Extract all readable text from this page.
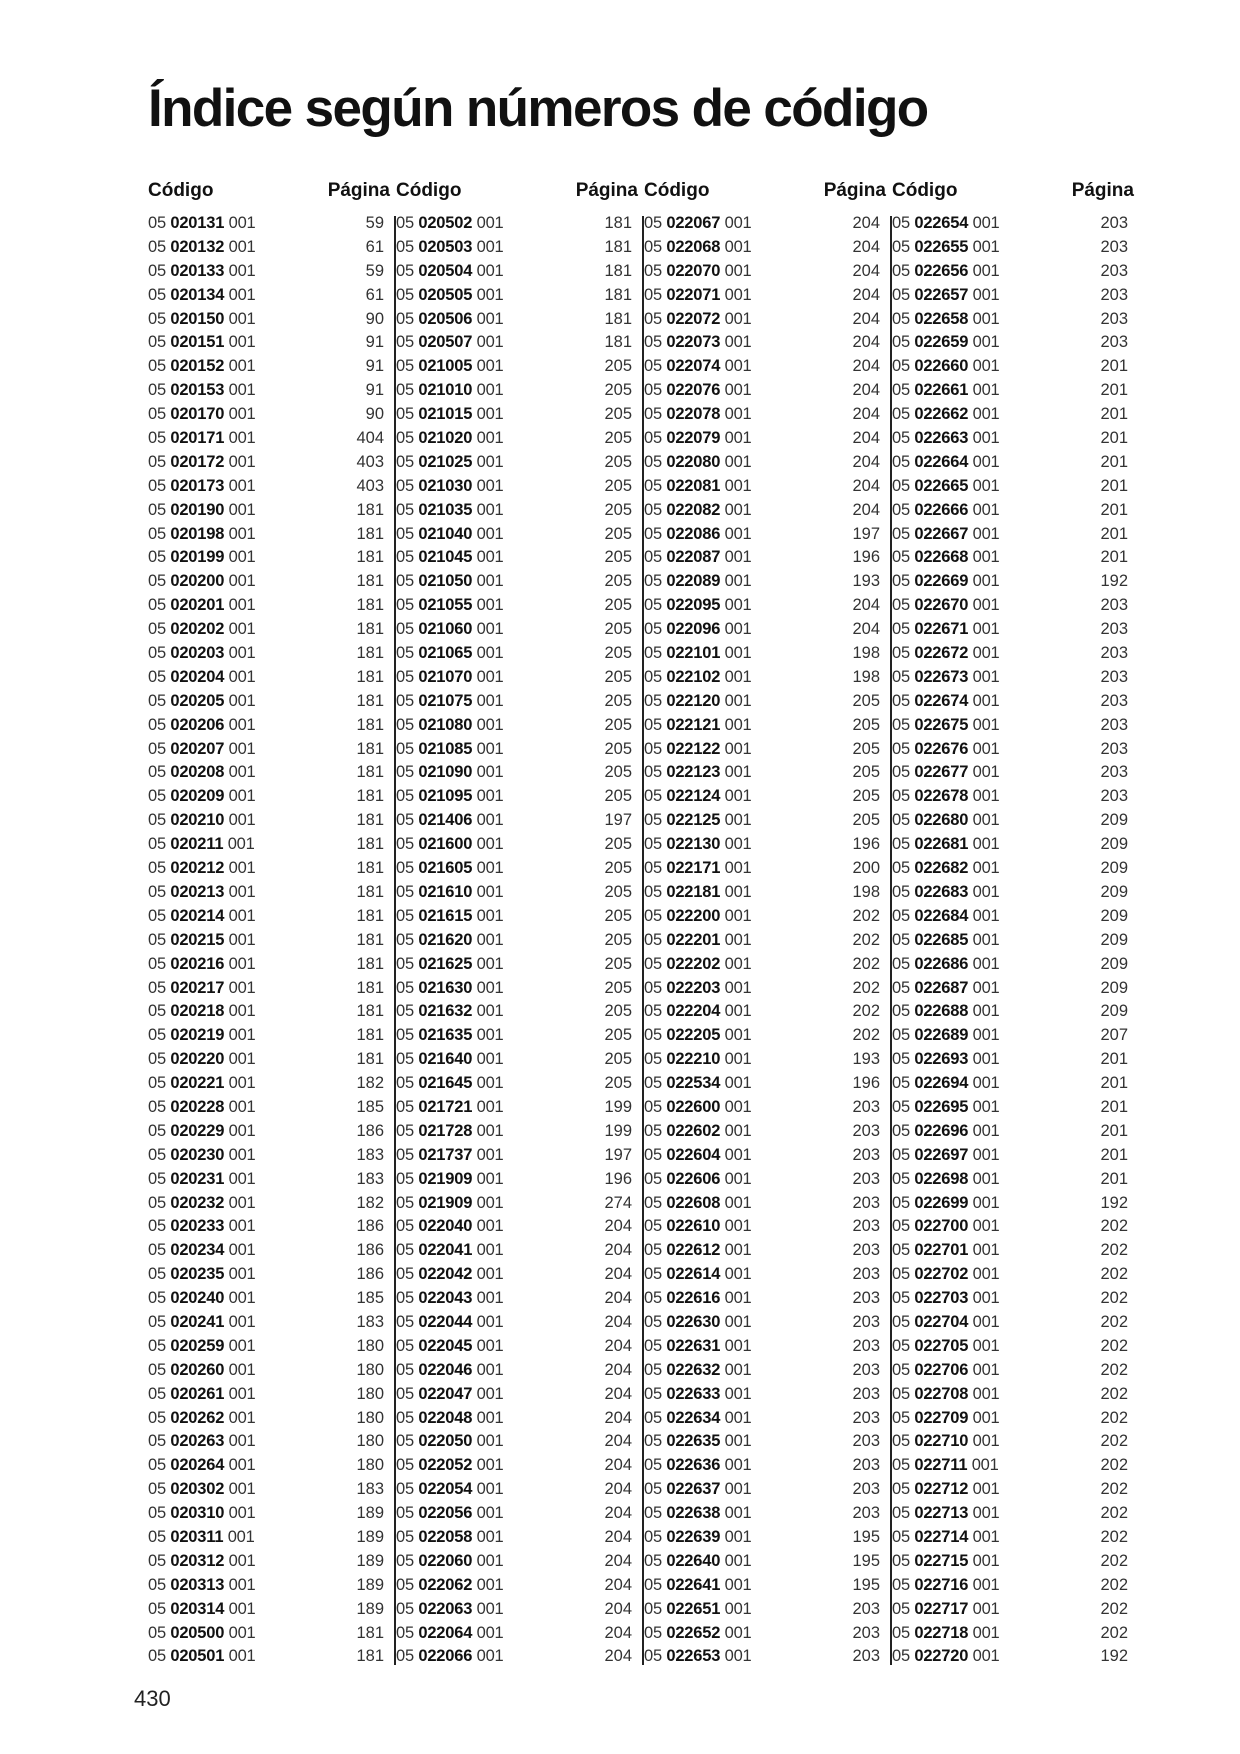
Índice según números de código
Código	Página
05 020131 001	59
05 020132 001	61
05 020133 001	59
05 020134 001	61
05 020150 001	90
05 020151 001	91
05 020152 001	91
05 020153 001	91
05 020170 001	90
05 020171 001	404
05 020172 001	403
05 020173 001	403
05 020190 001	181
05 020198 001	181
05 020199 001	181
05 020200 001	181
05 020201 001	181
05 020202 001	181
05 020203 001	181
05 020204 001	181
05 020205 001	181
05 020206 001	181
05 020207 001	181
05 020208 001	181
05 020209 001	181
05 020210 001	181
05 020211 001	181
05 020212 001	181
05 020213 001	181
05 020214 001	181
05 020215 001	181
05 020216 001	181
05 020217 001	181
05 020218 001	181
05 020219 001	181
05 020220 001	181
05 020221 001	182
05 020228 001	185
05 020229 001	186
05 020230 001	183
05 020231 001	183
05 020232 001	182
05 020233 001	186
05 020234 001	186
05 020235 001	186
05 020240 001	185
05 020241 001	183
05 020259 001	180
05 020260 001	180
05 020261 001	180
05 020262 001	180
05 020263 001	180
05 020264 001	180
05 020302 001	183
05 020310 001	189
05 020311 001	189
05 020312 001	189
05 020313 001	189
05 020314 001	189
05 020500 001	181
05 020501 001	181
Código	Página
05 020502 001	181
05 020503 001	181
05 020504 001	181
05 020505 001	181
05 020506 001	181
05 020507 001	181
05 021005 001	205
05 021010 001	205
05 021015 001	205
05 021020 001	205
05 021025 001	205
05 021030 001	205
05 021035 001	205
05 021040 001	205
05 021045 001	205
05 021050 001	205
05 021055 001	205
05 021060 001	205
05 021065 001	205
05 021070 001	205
05 021075 001	205
05 021080 001	205
05 021085 001	205
05 021090 001	205
05 021095 001	205
05 021406 001	197
05 021600 001	205
05 021605 001	205
05 021610 001	205
05 021615 001	205
05 021620 001	205
05 021625 001	205
05 021630 001	205
05 021632 001	205
05 021635 001	205
05 021640 001	205
05 021645 001	205
05 021721 001	199
05 021728 001	199
05 021737 001	197
05 021909 001	196
05 021909 001	274
05 022040 001	204
05 022041 001	204
05 022042 001	204
05 022043 001	204
05 022044 001	204
05 022045 001	204
05 022046 001	204
05 022047 001	204
05 022048 001	204
05 022050 001	204
05 022052 001	204
05 022054 001	204
05 022056 001	204
05 022058 001	204
05 022060 001	204
05 022062 001	204
05 022063 001	204
05 022064 001	204
05 022066 001	204
Código	Página
05 022067 001	204
05 022068 001	204
05 022070 001	204
05 022071 001	204
05 022072 001	204
05 022073 001	204
05 022074 001	204
05 022076 001	204
05 022078 001	204
05 022079 001	204
05 022080 001	204
05 022081 001	204
05 022082 001	204
05 022086 001	197
05 022087 001	196
05 022089 001	193
05 022095 001	204
05 022096 001	204
05 022101 001	198
05 022102 001	198
05 022120 001	205
05 022121 001	205
05 022122 001	205
05 022123 001	205
05 022124 001	205
05 022125 001	205
05 022130 001	196
05 022171 001	200
05 022181 001	198
05 022200 001	202
05 022201 001	202
05 022202 001	202
05 022203 001	202
05 022204 001	202
05 022205 001	202
05 022210 001	193
05 022534 001	196
05 022600 001	203
05 022602 001	203
05 022604 001	203
05 022606 001	203
05 022608 001	203
05 022610 001	203
05 022612 001	203
05 022614 001	203
05 022616 001	203
05 022630 001	203
05 022631 001	203
05 022632 001	203
05 022633 001	203
05 022634 001	203
05 022635 001	203
05 022636 001	203
05 022637 001	203
05 022638 001	203
05 022639 001	195
05 022640 001	195
05 022641 001	195
05 022651 001	203
05 022652 001	203
05 022653 001	203
Código	Página
05 022654 001	203
05 022655 001	203
05 022656 001	203
05 022657 001	203
05 022658 001	203
05 022659 001	203
05 022660 001	201
05 022661 001	201
05 022662 001	201
05 022663 001	201
05 022664 001	201
05 022665 001	201
05 022666 001	201
05 022667 001	201
05 022668 001	201
05 022669 001	192
05 022670 001	203
05 022671 001	203
05 022672 001	203
05 022673 001	203
05 022674 001	203
05 022675 001	203
05 022676 001	203
05 022677 001	203
05 022678 001	203
05 022680 001	209
05 022681 001	209
05 022682 001	209
05 022683 001	209
05 022684 001	209
05 022685 001	209
05 022686 001	209
05 022687 001	209
05 022688 001	209
05 022689 001	207
05 022693 001	201
05 022694 001	201
05 022695 001	201
05 022696 001	201
05 022697 001	201
05 022698 001	201
05 022699 001	192
05 022700 001	202
05 022701 001	202
05 022702 001	202
05 022703 001	202
05 022704 001	202
05 022705 001	202
05 022706 001	202
05 022708 001	202
05 022709 001	202
05 022710 001	202
05 022711 001	202
05 022712 001	202
05 022713 001	202
05 022714 001	202
05 022715 001	202
05 022716 001	202
05 022717 001	202
05 022718 001	202
05 022720 001	192

430
